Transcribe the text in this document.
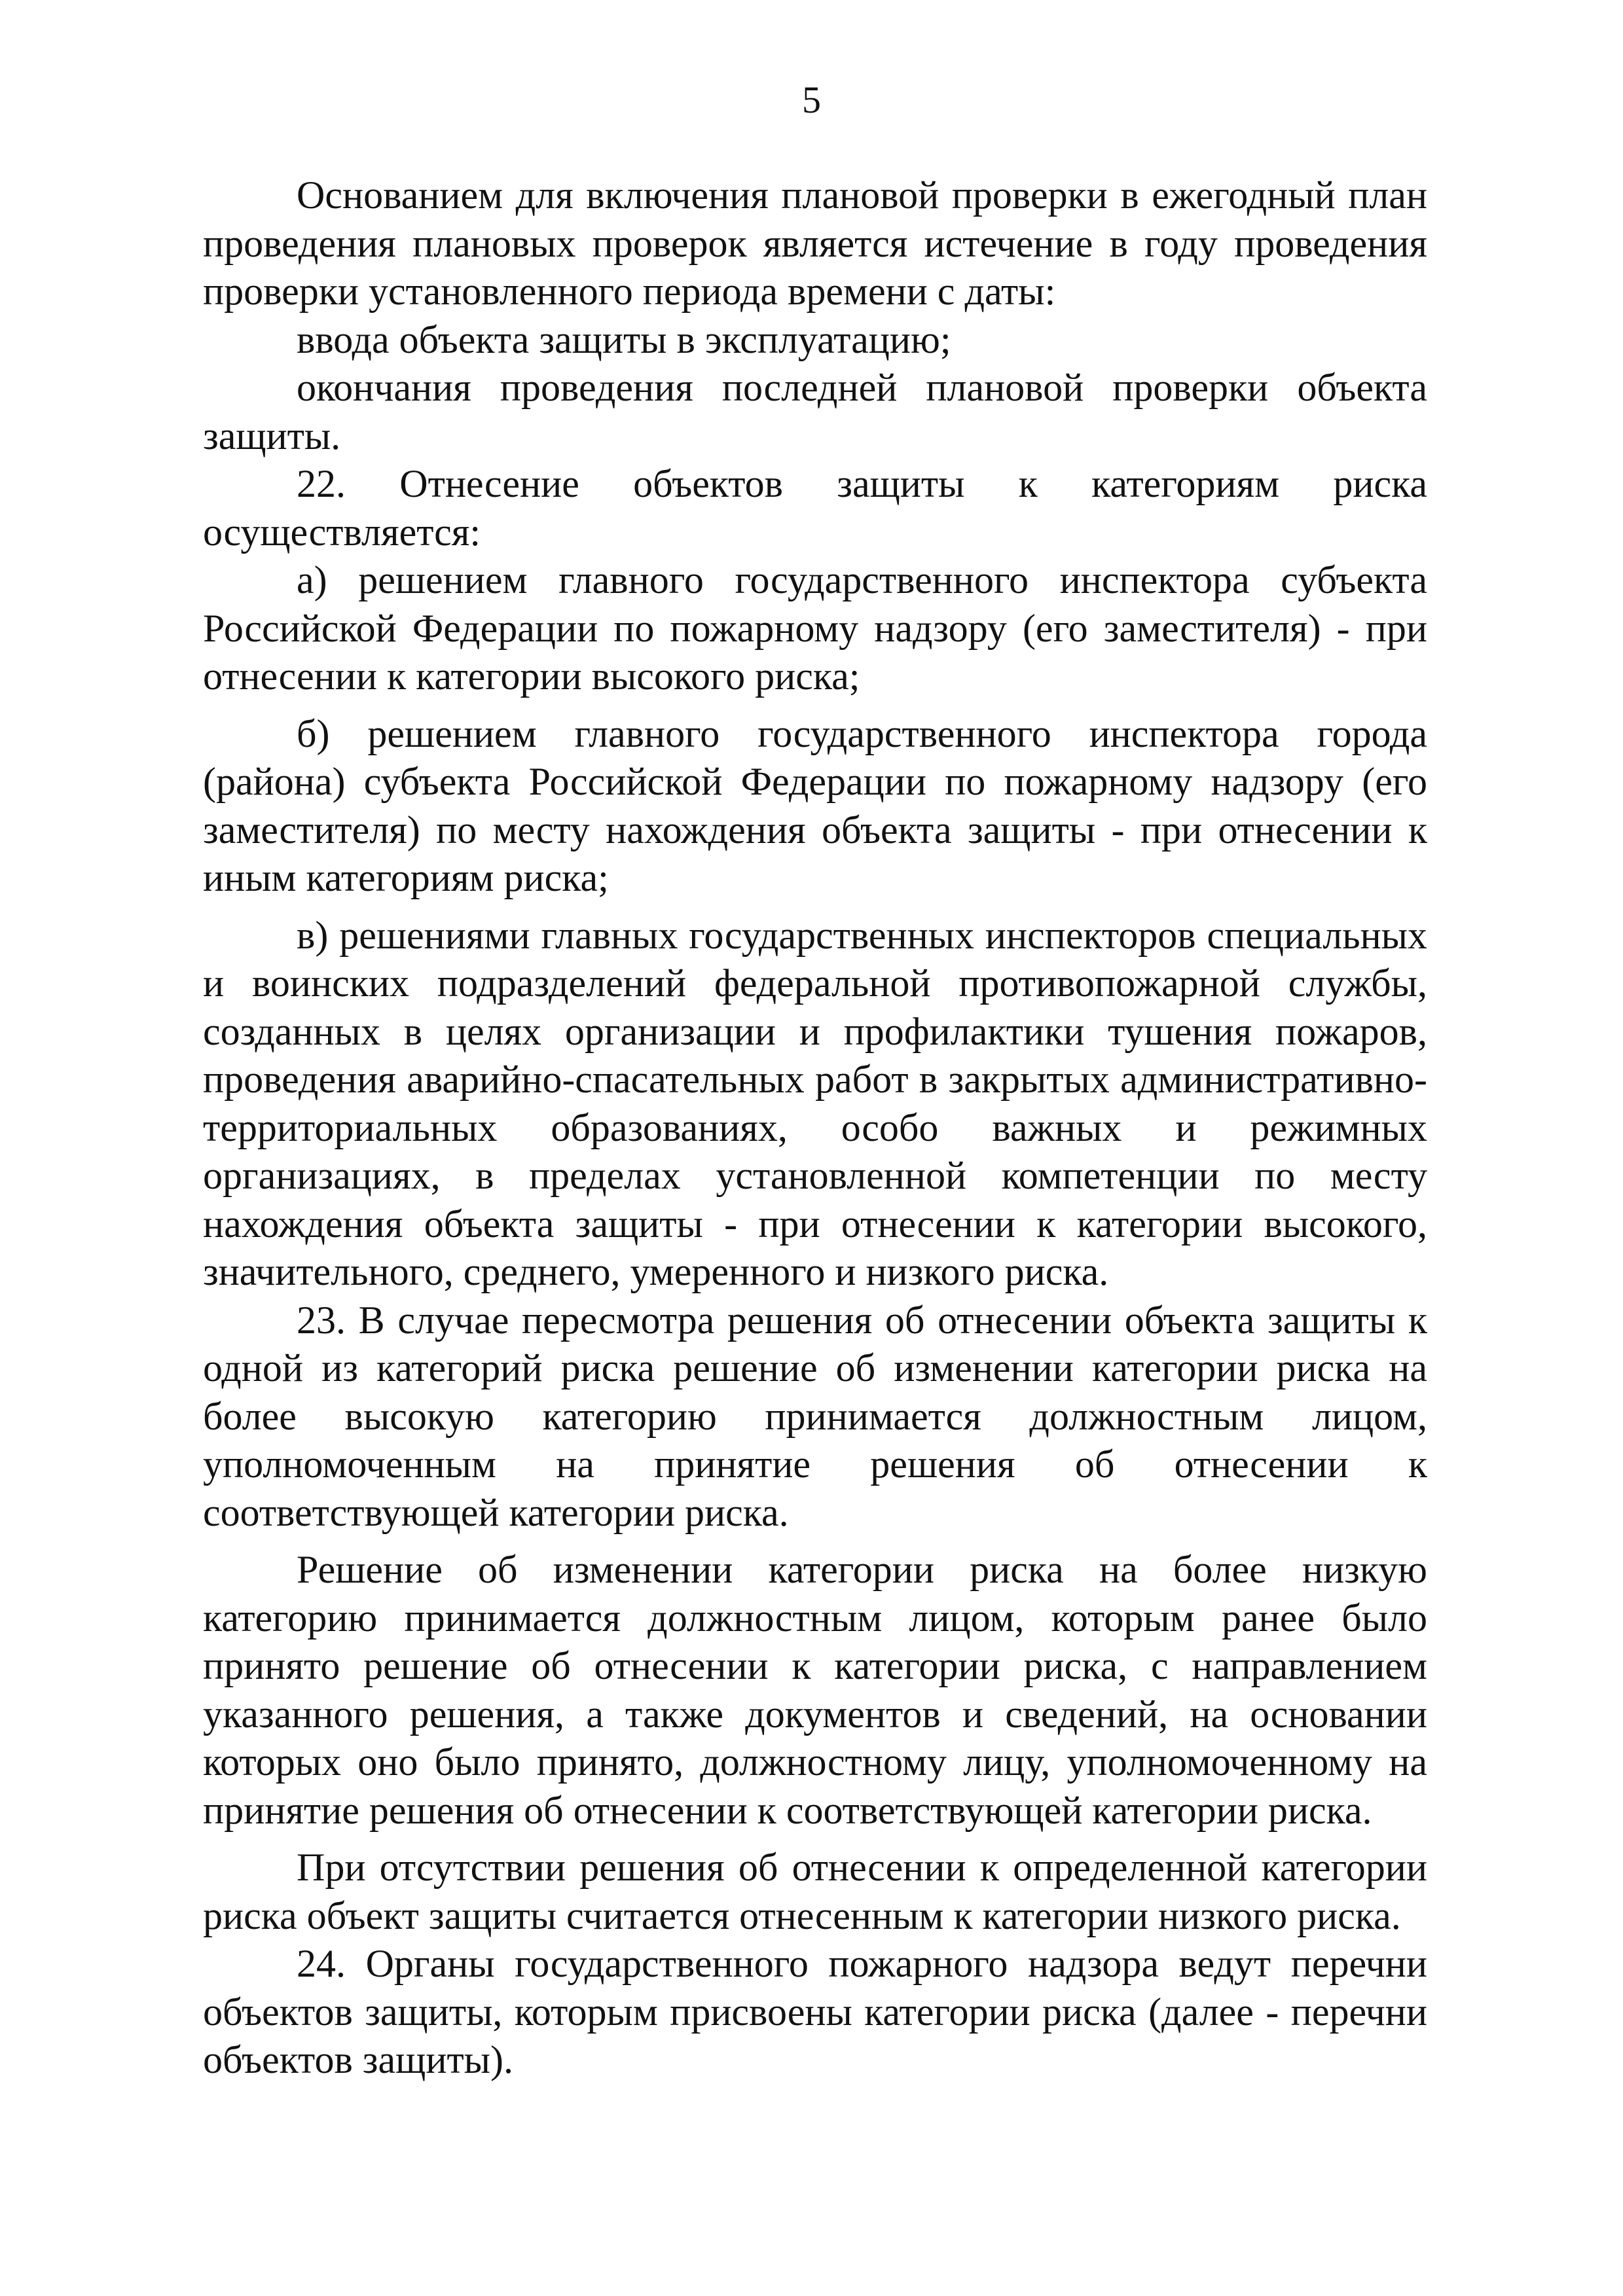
5

Основанием для включения плановой проверки в ежегодный план проведения плановых проверок является истечение в году проведения проверки установленного периода времени с даты:

ввода объекта защиты в эксплуатацию;

окончания проведения последней плановой проверки объекта защиты.

22. Отнесение объектов защиты к категориям риска осуществляется:

а) решением главного государственного инспектора субъекта Российской Федерации по пожарному надзору (его заместителя) - при отнесении к категории высокого риска;

б) решением главного государственного инспектора города (района) субъекта Российской Федерации по пожарному надзору (его заместителя) по месту нахождения объекта защиты - при отнесении к иным категориям риска;

в) решениями главных государственных инспекторов специальных и воинских подразделений федеральной противопожарной службы, созданных в целях организации и профилактики тушения пожаров, проведения аварийно-спасательных работ в закрытых административно-территориальных образованиях, особо важных и режимных организациях, в пределах установленной компетенции по месту нахождения объекта защиты - при отнесении к категории высокого, значительного, среднего, умеренного и низкого риска.

23. В случае пересмотра решения об отнесении объекта защиты к одной из категорий риска решение об изменении категории риска на более высокую категорию принимается должностным лицом, уполномоченным на принятие решения об отнесении к соответствующей категории риска.

Решение об изменении категории риска на более низкую категорию принимается должностным лицом, которым ранее было принято решение об отнесении к категории риска, с направлением указанного решения, а также документов и сведений, на основании которых оно было принято, должностному лицу, уполномоченному на принятие решения об отнесении к соответствующей категории риска.

При отсутствии решения об отнесении к определенной категории риска объект защиты считается отнесенным к категории низкого риска.

24. Органы государственного пожарного надзора ведут перечни объектов защиты, которым присвоены категории риска (далее - перечни объектов защиты).
